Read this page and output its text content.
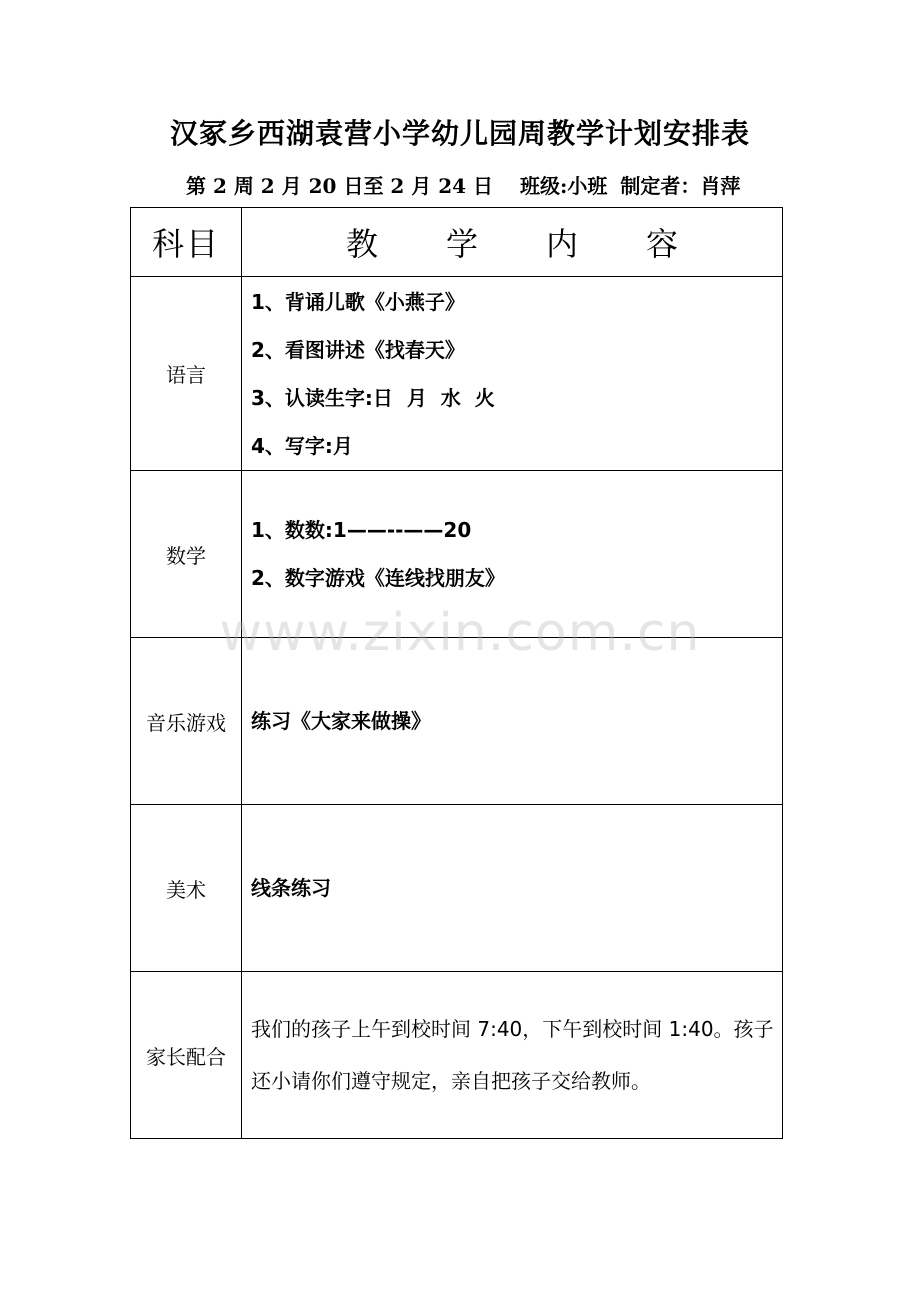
汉冢乡西湖袁营小学幼儿园周教学计划安排表
第 2 周 2 月 20 日至 2 月 24 日 班级:小班 制定者：肖萍
科目	教 学 内 容
语言	1、背诵儿歌《小燕子》
2、看图讲述《找春天》
3、认读生字:日  月  水  火
4、写字:月

数学	1、数数:1——--——20
2、数字游戏《连线找朋友》

音乐游戏	练习《大家来做操》

美术	线条练习

家长配合	我们的孩子上午到校时间 7:40，下午到校时间 1:40。孩子还小请你们遵守规定，亲自把孩子交给教师。
www.zixin.com.cn
